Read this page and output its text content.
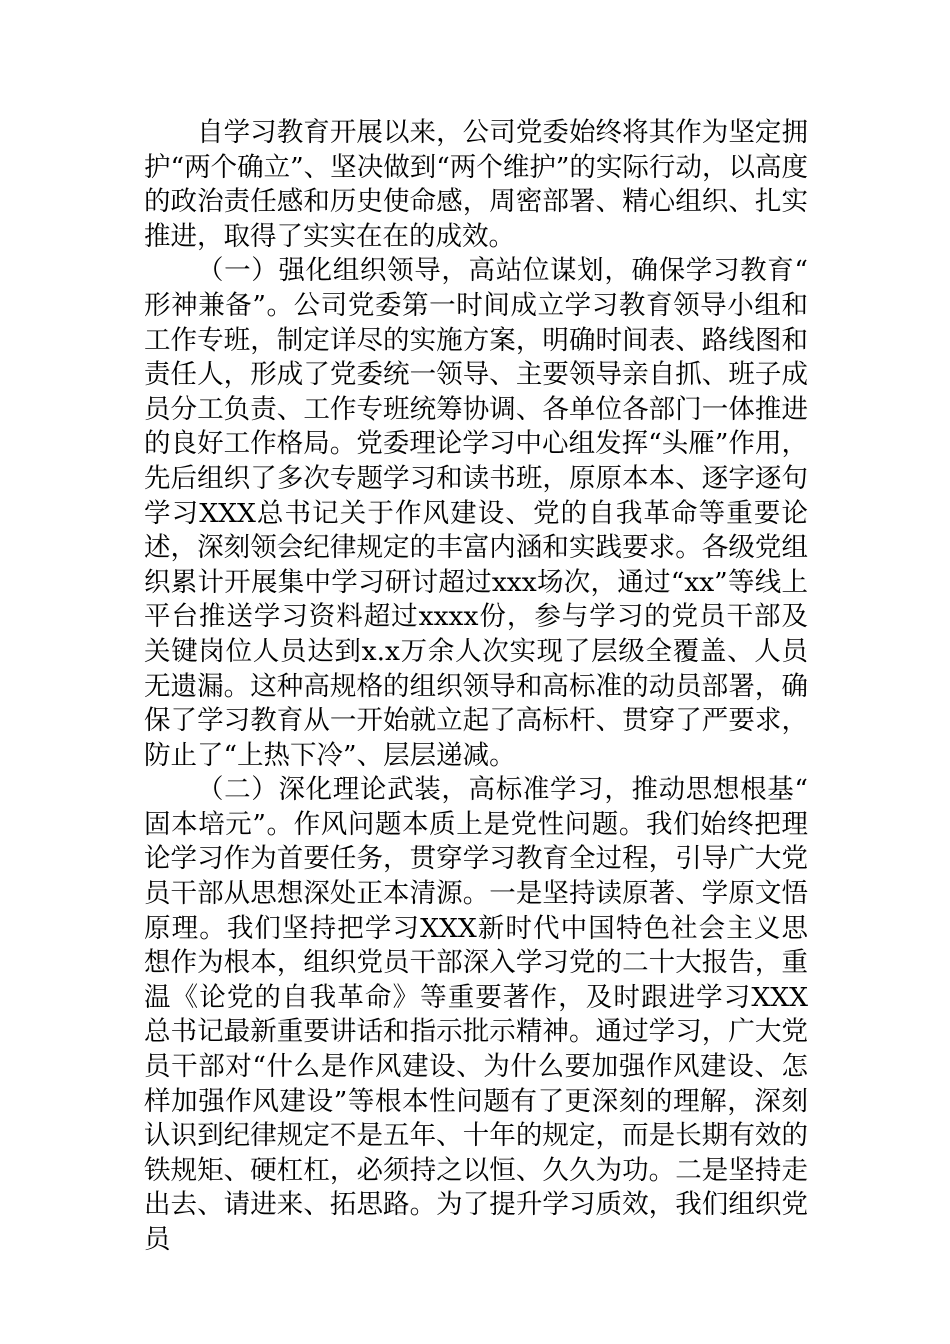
自学习教育开展以来，公司党委始终将其作为坚定拥护“两个确立”、坚决做到“两个维护”的实际行动，以高度的政治责任感和历史使命感，周密部署、精心组织、扎实推进，取得了实实在在的成效。

（一）强化组织领导，高站位谋划，确保学习教育“形神兼备”。公司党委第一时间成立学习教育领导小组和工作专班，制定详尽的实施方案，明确时间表、路线图和责任人，形成了党委统一领导、主要领导亲自抓、班子成员分工负责、工作专班统筹协调、各单位各部门一体推进的良好工作格局。党委理论学习中心组发挥“头雁”作用，先后组织了多次专题学习和读书班，原原本本、逐字逐句学习XXX总书记关于作风建设、党的自我革命等重要论述，深刻领会纪律规定的丰富内涵和实践要求。各级党组织累计开展集中学习研讨超过xxx场次，通过“xx”等线上平台推送学习资料超过xxxx份，参与学习的党员干部及关键岗位人员达到x.x万余人次实现了层级全覆盖、人员无遗漏。这种高规格的组织领导和高标准的动员部署，确保了学习教育从一开始就立起了高标杆、贯穿了严要求，防止了“上热下冷”、层层递减。

（二）深化理论武装，高标准学习，推动思想根基“固本培元”。作风问题本质上是党性问题。我们始终把理论学习作为首要任务，贯穿学习教育全过程，引导广大党员干部从思想深处正本清源。一是坚持读原著、学原文悟原理。我们坚持把学习XXX新时代中国特色社会主义思想作为根本，组织党员干部深入学习党的二十大报告，重温《论党的自我革命》等重要著作，及时跟进学习XXX总书记最新重要讲话和指示批示精神。通过学习，广大党员干部对“什么是作风建设、为什么要加强作风建设、怎样加强作风建设”等根本性问题有了更深刻的理解，深刻认识到纪律规定不是五年、十年的规定，而是长期有效的铁规矩、硬杠杠，必须持之以恒、久久为功。二是坚持走出去、请进来、拓思路。为了提升学习质效，我们组织党员
